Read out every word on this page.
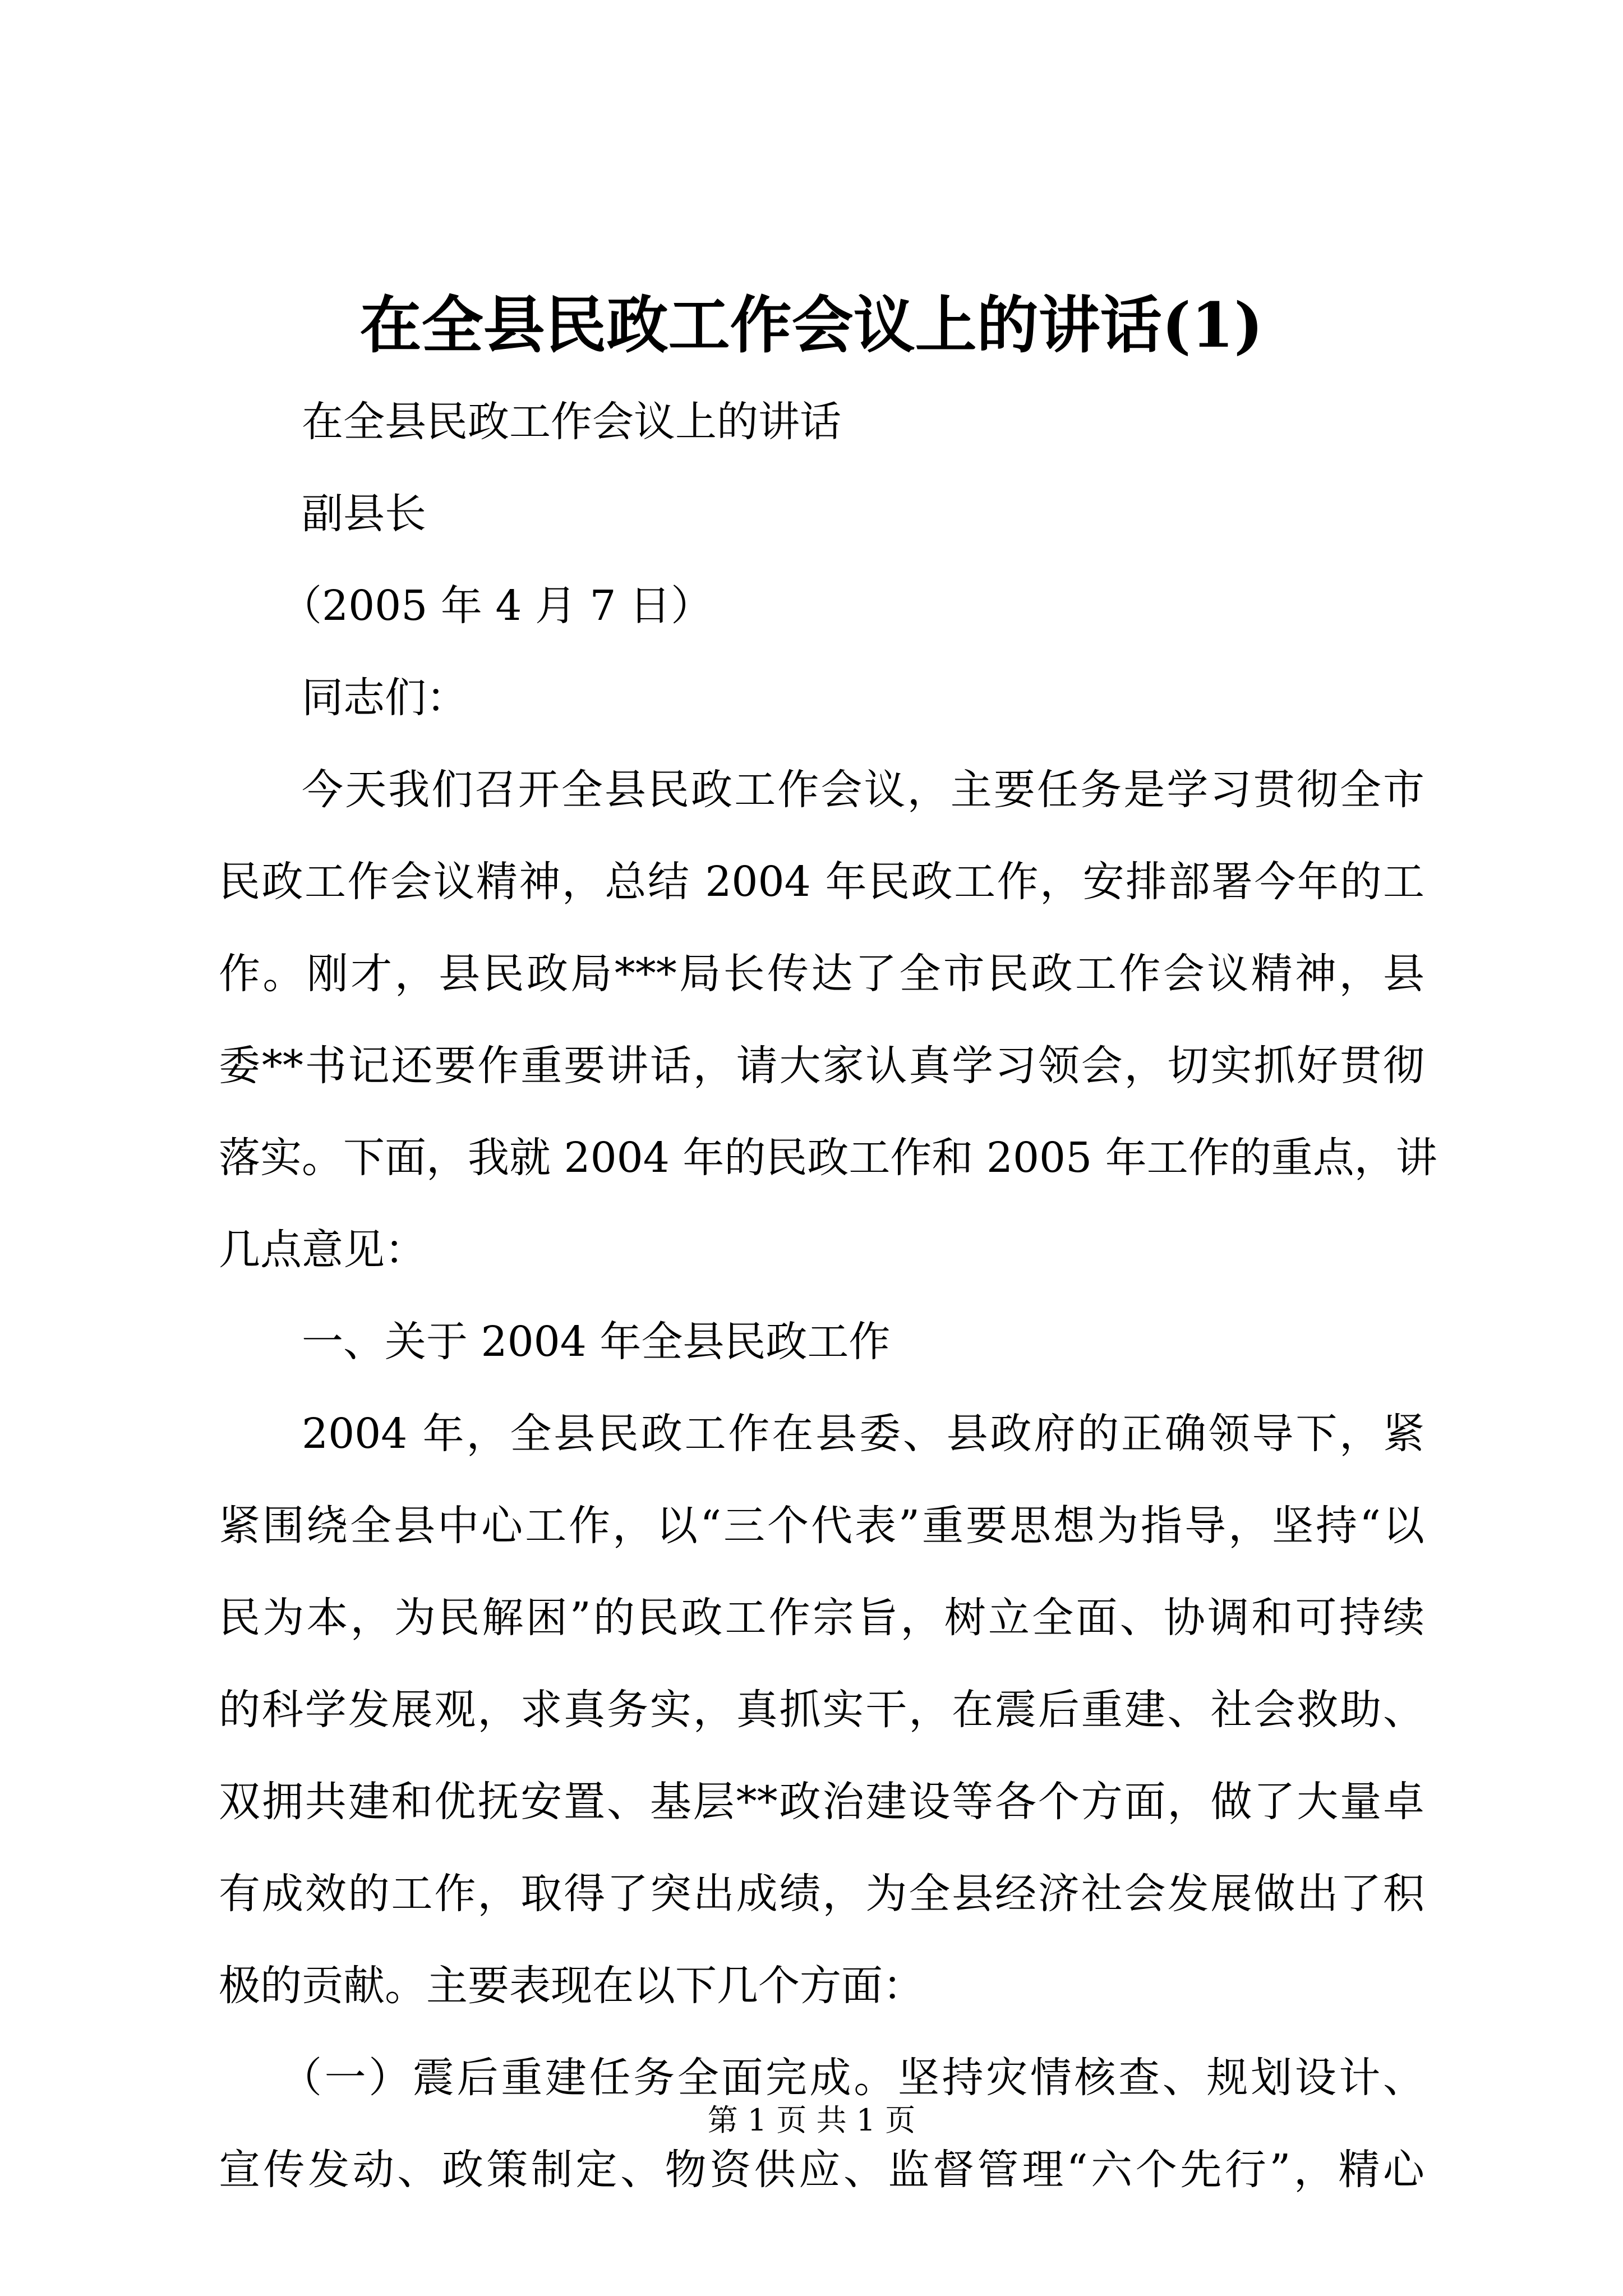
在全县民政工作会议上的讲话(1)
在全县民政工作会议上的讲话
副县长
（2005 年 4 月 7 日）
同志们：
今天我们召开全县民政工作会议，主要任务是学习贯彻全市
民政工作会议精神，总结 2004 年民政工作，安排部署今年的工
作。刚才，县民政局***局长传达了全市民政工作会议精神，县
委**书记还要作重要讲话，请大家认真学习领会，切实抓好贯彻
落实。下面，我就 2004 年的民政工作和 2005 年工作的重点，讲
几点意见：
一、关于 2004 年全县民政工作
2004 年，全县民政工作在县委、县政府的正确领导下，紧
紧围绕全县中心工作，以“三个代表”重要思想为指导，坚持“以
民为本，为民解困”的民政工作宗旨，树立全面、协调和可持续
的科学发展观，求真务实，真抓实干，在震后重建、社会救助、
双拥共建和优抚安置、基层**政治建设等各个方面，做了大量卓
有成效的工作，取得了突出成绩，为全县经济社会发展做出了积
极的贡献。主要表现在以下几个方面：
（一）震后重建任务全面完成。坚持灾情核查、规划设计、
宣传发动、政策制定、物资供应、监督管理“六个先行”，精心
第 1 页 共 1 页
